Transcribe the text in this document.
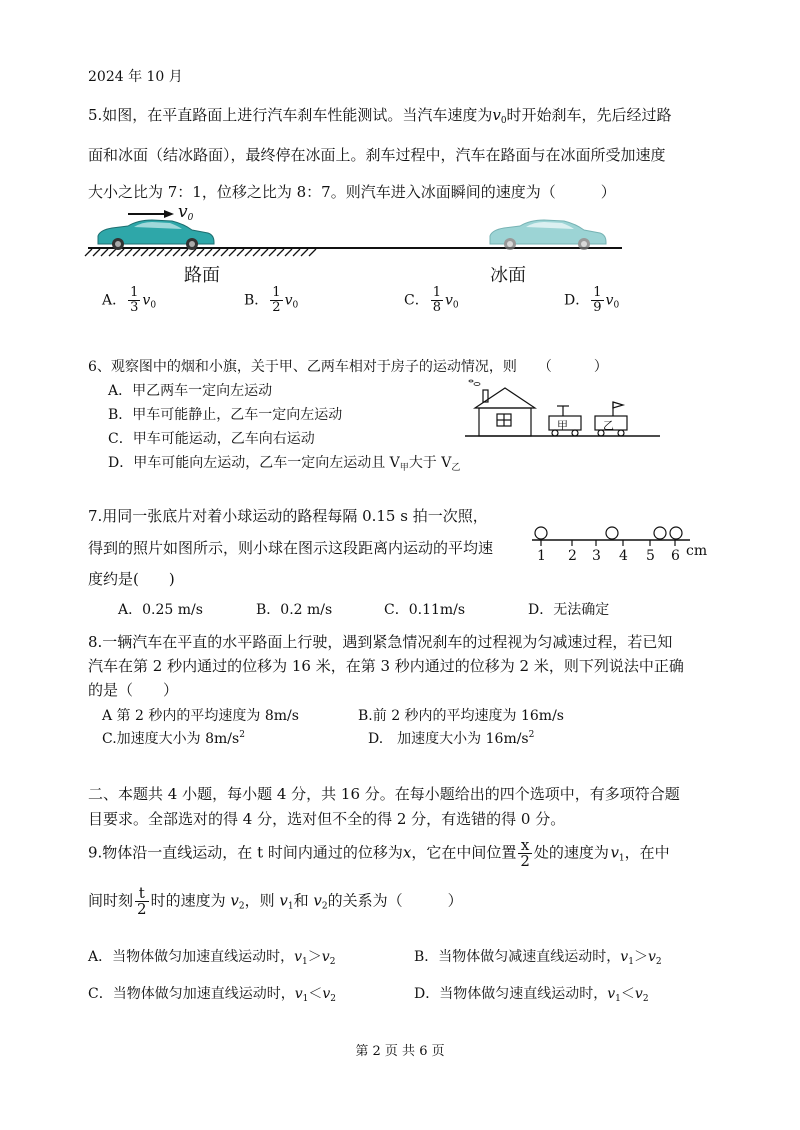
2024 年 10 月
5.如图，在平直路面上进行汽车刹车性能测试。当汽车速度为$v_0$时开始刹车，先后经过路
面和冰面（结冰路面），最终停在冰面上。刹车过程中，汽车在路面与在冰面所受加速度
大小之比为 7：1，位移之比为 8：7。则汽车进入冰面瞬间的速度为（　　　）
$v_0$
路面	冰面
A． $\frac{1}{3} v_0$	B． $\frac{1}{2} v_0$	C． $\frac{1}{8} v_0$	D． $\frac{1}{9} v_0$
6、观察图中的烟和小旗，关于甲、乙两车相对于房子的运动情况，则　　（　　　）
A．甲乙两车一定向左运动
B．甲车可能静止，乙车一定向左运动
C．甲车可能运动，乙车向右运动
D．甲车可能向左运动，乙车一定向左运动且 $V_甲$大于 $V_乙$
甲	乙
7.用同一张底片对着小球运动的路程每隔 0.15 s 拍一次照，
得到的照片如图所示，则小球在图示这段距离内运动的平均速
度约是(　　)
1 2 3 4 5 6 cm
A．0.25 m/s	B．0.2 m/s	C．0.11m/s	D．无法确定
8.一辆汽车在平直的水平路面上行驶，遇到紧急情况刹车的过程视为匀减速过程，若已知
汽车在第 2 秒内通过的位移为 16 米，在第 3 秒内通过的位移为 2 米，则下列说法中正确
的是（　　）
A 第 2 秒内的平均速度为 8m/s	B.前 2 秒内的平均速度为 16m/s
C.加速度大小为 $8m/s^2$	D.　加速度大小为 $16m/s^2$
二、本题共 4 小题，每小题 4 分，共 16 分。在每小题给出的四个选项中，有多项符合题
目要求。全部选对的得 4 分，选对但不全的得 2 分，有选错的得 0 分。
9.物体沿一直线运动，在 t 时间内通过的位移为x，它在中间位置 $\frac{x}{2}$ 处的速度为  $v_1$，在中
间时刻 $\frac{t}{2}$ 时的速度为 $v_2$，则 $v_1$和 $v_2$的关系为（　　　）
A．当物体做匀加速直线运动时，$v_1>v_2$	B．当物体做匀减速直线运动时，$v_1>v_2$
C．当物体做匀加速直线运动时，$v_1<v_2$	D．当物体做匀速直线运动时，$v_1<v_2$
第 2 页 共 6 页
